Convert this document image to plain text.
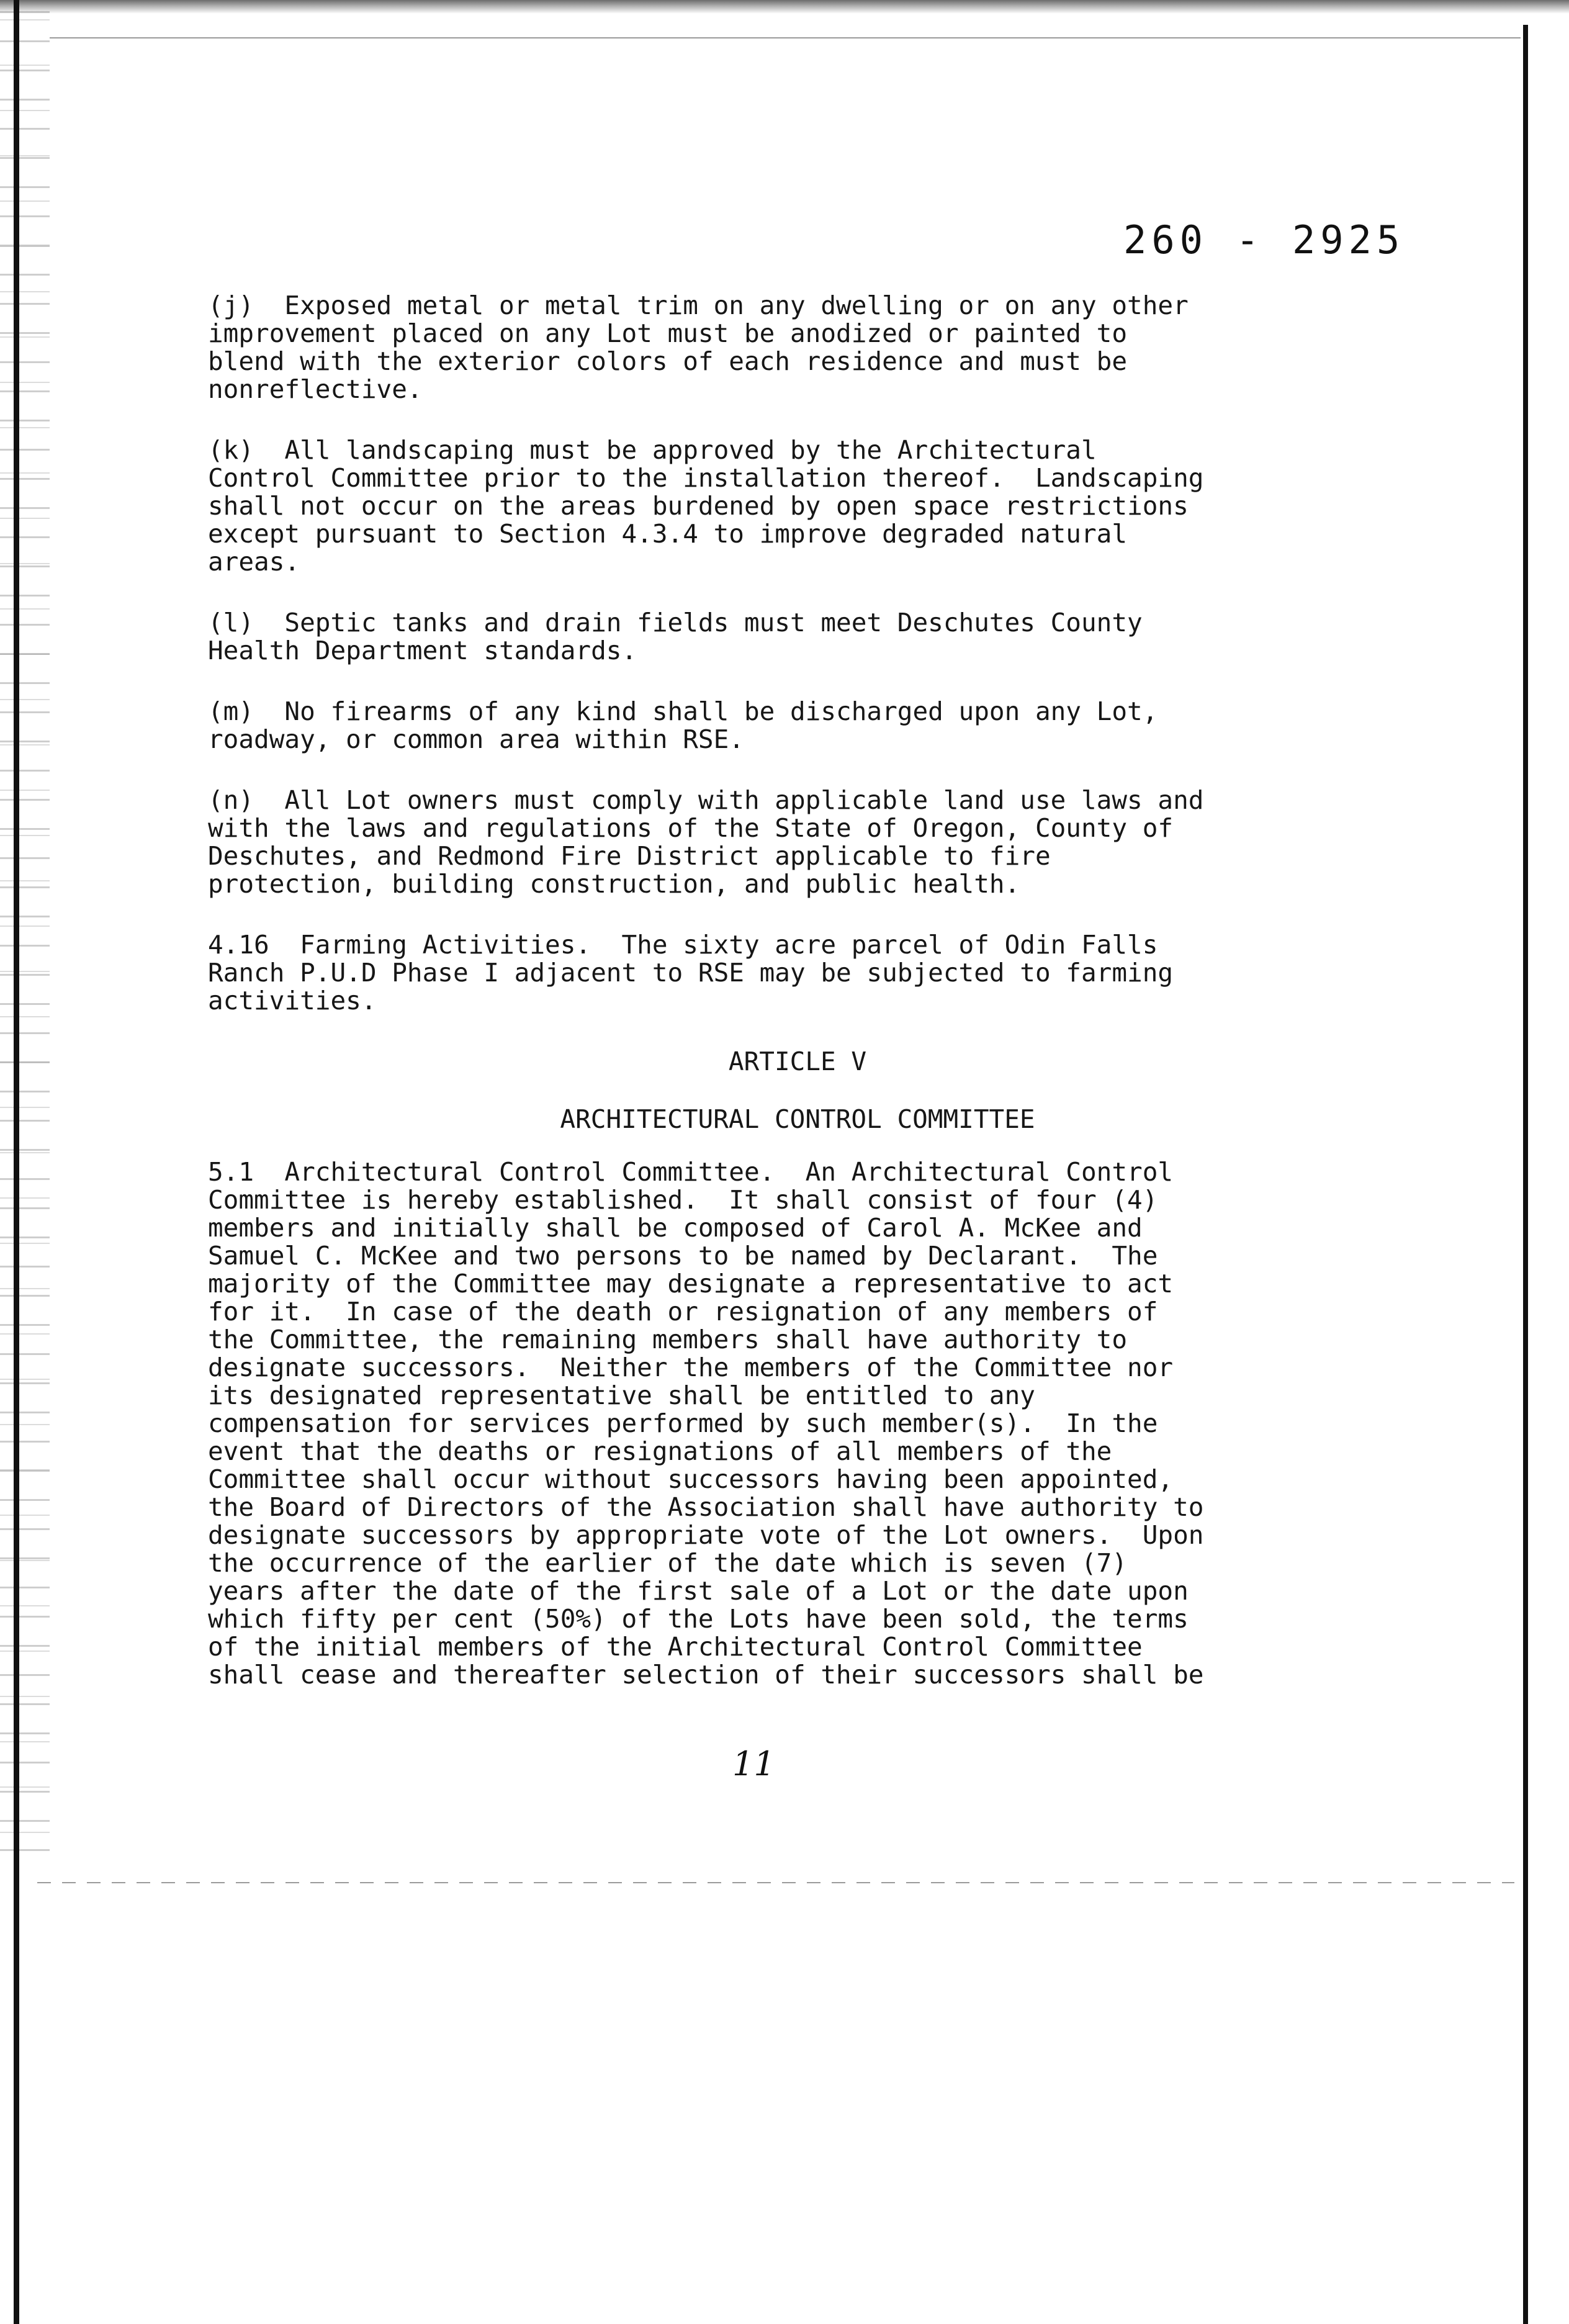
260 - 2925

(j)  Exposed metal or metal trim on any dwelling or on any other
improvement placed on any Lot must be anodized or painted to
blend with the exterior colors of each residence and must be
nonreflective.

(k)  All landscaping must be approved by the Architectural
Control Committee prior to the installation thereof.  Landscaping
shall not occur on the areas burdened by open space restrictions
except pursuant to Section 4.3.4 to improve degraded natural
areas.

(l)  Septic tanks and drain fields must meet Deschutes County
Health Department standards.

(m)  No firearms of any kind shall be discharged upon any Lot,
roadway, or common area within RSE.

(n)  All Lot owners must comply with applicable land use laws and
with the laws and regulations of the State of Oregon, County of
Deschutes, and Redmond Fire District applicable to fire
protection, building construction, and public health.

4.16  Farming Activities.  The sixty acre parcel of Odin Falls
Ranch P.U.D Phase I adjacent to RSE may be subjected to farming
activities.

ARTICLE V
ARCHITECTURAL CONTROL COMMITTEE

5.1  Architectural Control Committee.  An Architectural Control
Committee is hereby established.  It shall consist of four (4)
members and initially shall be composed of Carol A. McKee and
Samuel C. McKee and two persons to be named by Declarant.  The
majority of the Committee may designate a representative to act
for it.  In case of the death or resignation of any members of
the Committee, the remaining members shall have authority to
designate successors.  Neither the members of the Committee nor
its designated representative shall be entitled to any
compensation for services performed by such member(s).  In the
event that the deaths or resignations of all members of the
Committee shall occur without successors having been appointed,
the Board of Directors of the Association shall have authority to
designate successors by appropriate vote of the Lot owners.  Upon
the occurrence of the earlier of the date which is seven (7)
years after the date of the first sale of a Lot or the date upon
which fifty per cent (50%) of the Lots have been sold, the terms
of the initial members of the Architectural Control Committee
shall cease and thereafter selection of their successors shall be

11
